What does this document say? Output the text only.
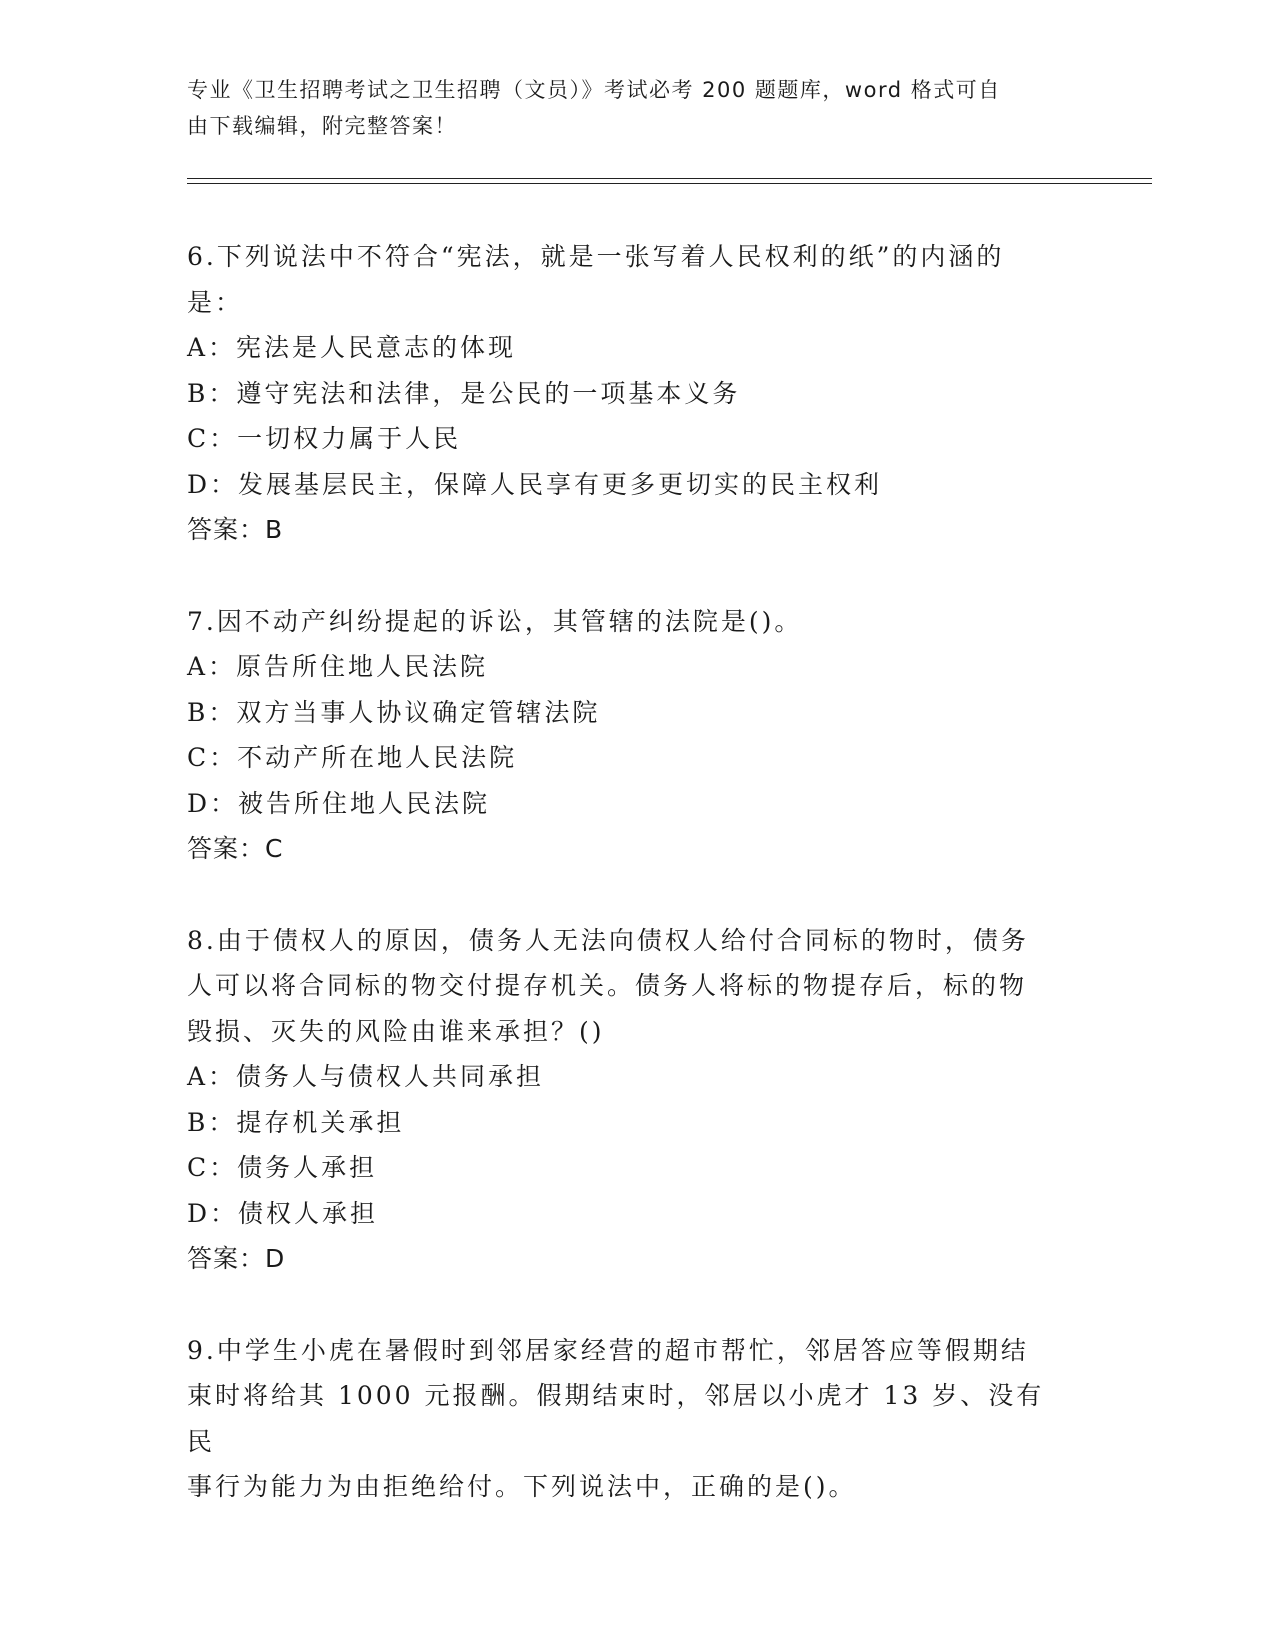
专业《卫生招聘考试之卫生招聘（文员）》考试必考 200 题题库，word 格式可自
由下载编辑，附完整答案！
6.下列说法中不符合“宪法，就是一张写着人民权利的纸”的内涵的
是：
A：宪法是人民意志的体现
B：遵守宪法和法律，是公民的一项基本义务
C：一切权力属于人民
D：发展基层民主，保障人民享有更多更切实的民主权利
答案：B
7.因不动产纠纷提起的诉讼，其管辖的法院是()。
A：原告所住地人民法院
B：双方当事人协议确定管辖法院
C：不动产所在地人民法院
D：被告所住地人民法院
答案：C
8.由于债权人的原因，债务人无法向债权人给付合同标的物时，债务
人可以将合同标的物交付提存机关。债务人将标的物提存后，标的物
毁损、灭失的风险由谁来承担？()
A：债务人与债权人共同承担
B：提存机关承担
C：债务人承担
D：债权人承担
答案：D
9.中学生小虎在暑假时到邻居家经营的超市帮忙，邻居答应等假期结
束时将给其 1000 元报酬。假期结束时，邻居以小虎才 13 岁、没有民
事行为能力为由拒绝给付。下列说法中，正确的是()。
